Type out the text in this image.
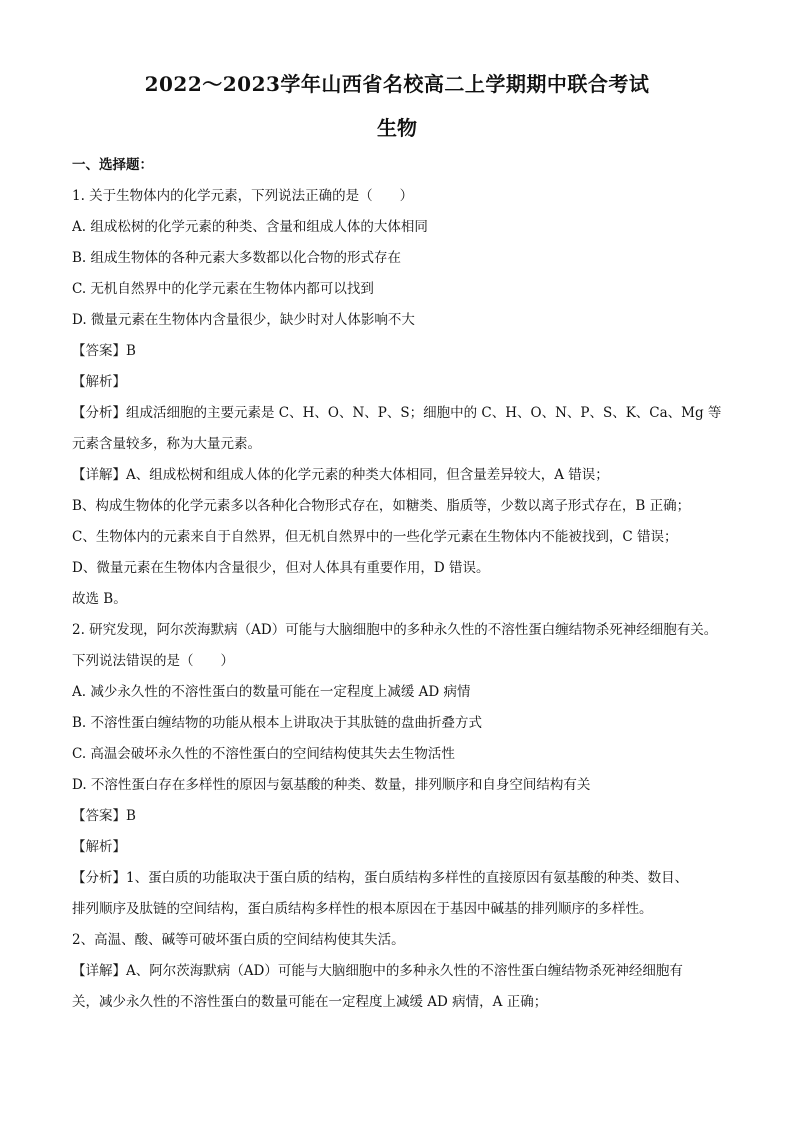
2022～2023学年山西省名校高二上学期期中联合考试
生物
一、选择题：
1. 关于生物体内的化学元素，下列说法正确的是（　　）
A. 组成松树的化学元素的种类、含量和组成人体的大体相同
B. 组成生物体的各种元素大多数都以化合物的形式存在
C. 无机自然界中的化学元素在生物体内都可以找到
D. 微量元素在生物体内含量很少，缺少时对人体影响不大
【答案】B
【解析】
【分析】组成活细胞的主要元素是 C、H、O、N、P、S；细胞中的 C、H、O、N、P、S、K、Ca、Mg 等
元素含量较多，称为大量元素。
【详解】A、组成松树和组成人体的化学元素的种类大体相同，但含量差异较大，A 错误；
B、构成生物体的化学元素多以各种化合物形式存在，如糖类、脂质等，少数以离子形式存在，B 正确；
C、生物体内的元素来自于自然界，但无机自然界中的一些化学元素在生物体内不能被找到，C 错误；
D、微量元素在生物体内含量很少，但对人体具有重要作用，D 错误。
故选 B。
2. 研究发现，阿尔茨海默病（AD）可能与大脑细胞中的多种永久性的不溶性蛋白缠结物杀死神经细胞有关。
下列说法错误的是（　　）
A. 减少永久性的不溶性蛋白的数量可能在一定程度上减缓 AD 病情
B. 不溶性蛋白缠结物的功能从根本上讲取决于其肽链的盘曲折叠方式
C. 高温会破坏永久性的不溶性蛋白的空间结构使其失去生物活性
D. 不溶性蛋白存在多样性的原因与氨基酸的种类、数量，排列顺序和自身空间结构有关
【答案】B
【解析】
【分析】1、蛋白质的功能取决于蛋白质的结构，蛋白质结构多样性的直接原因有氨基酸的种类、数目、
排列顺序及肽链的空间结构，蛋白质结构多样性的根本原因在于基因中碱基的排列顺序的多样性。
2、高温、酸、碱等可破坏蛋白质的空间结构使其失活。
【详解】A、阿尔茨海默病（AD）可能与大脑细胞中的多种永久性的不溶性蛋白缠结物杀死神经细胞有
关，减少永久性的不溶性蛋白的数量可能在一定程度上减缓 AD 病情，A 正确；
